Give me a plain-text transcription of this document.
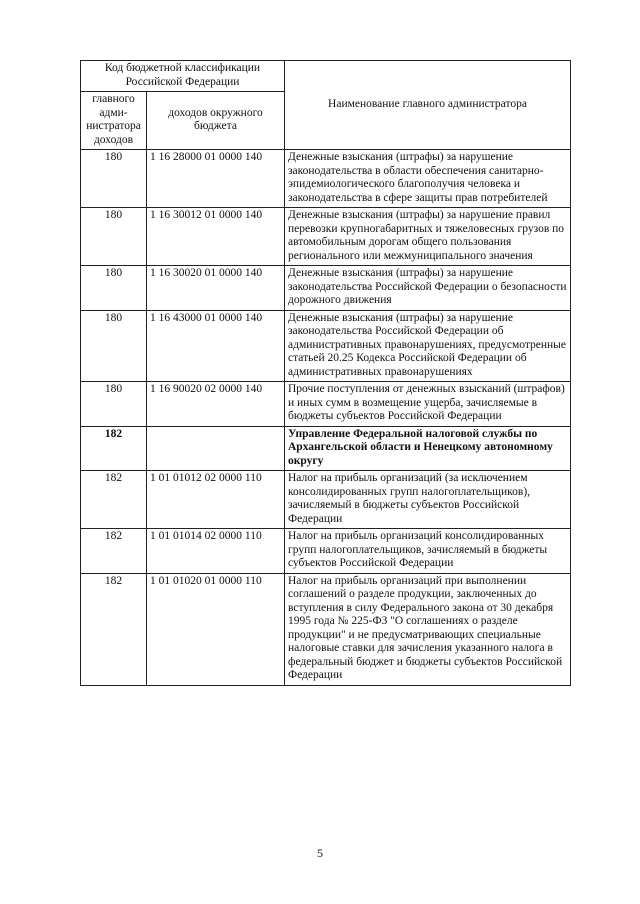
Код бюджетной классификации Российской Федерации		Наименование главного администратора
главного адми-нистратора доходов	доходов окружного бюджета	
180	1 16 28000 01 0000 140	Денежные взыскания (штрафы) за нарушение законодательства в области обеспечения санитарно-эпидемиологического благополучия человека и законодательства в сфере защиты прав потребителей
180	1 16 30012 01 0000 140	Денежные взыскания (штрафы) за нарушение правил перевозки крупногабаритных и тяжеловесных грузов по автомобильным дорогам общего пользования регионального или межмуниципального значения
180	1 16 30020 01 0000 140	Денежные взыскания (штрафы) за нарушение законодательства Российской Федерации о безопасности дорожного движения
180	1 16 43000 01 0000 140	Денежные взыскания (штрафы) за нарушение законодательства Российской Федерации об административных правонарушениях, предусмотренные статьей 20.25 Кодекса Российской Федерации об административных правонарушениях
180	1 16 90020 02 0000 140	Прочие поступления от денежных взысканий (штрафов) и иных сумм в возмещение ущерба, зачисляемые в бюджеты субъектов Российской Федерации
182		Управление Федеральной налоговой службы по Архангельской области и Ненецкому автономному округу
182	1 01 01012 02 0000 110	Налог на прибыль организаций (за исключением консолидированных групп налогоплательщиков), зачисляемый в бюджеты субъектов Российской Федерации
182	1 01 01014 02 0000 110	Налог на прибыль организаций консолидированных групп налогоплательщиков, зачисляемый в бюджеты субъектов Российской Федерации
182	1 01 01020 01 0000 110	Налог на прибыль организаций при выполнении соглашений о разделе продукции, заключенных до вступления в силу Федерального закона от 30 декабря 1995 года № 225-ФЗ "О соглашениях о разделе продукции" и не предусматривающих специальные налоговые ставки для зачисления указанного налога в федеральный бюджет и бюджеты субъектов Российской Федерации
5
